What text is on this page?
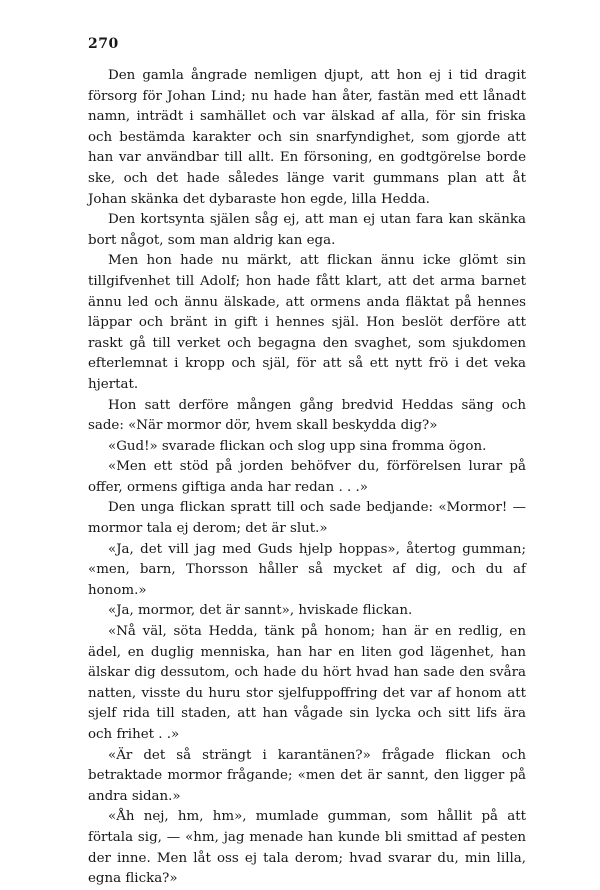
270

Den gamla ångrade nemligen djupt, att hon ej i tid dragit försorg för Johan Lind; nu hade han åter, fastän med ett lånadt namn, inträdt i samhället och var älskad af alla, för sin friska och bestämda karakter och sin snarfyndighet, som gjorde att han var användbar till allt. En försoning, en godtgörelse borde ske, och det hade således länge varit gummans plan att åt Johan skänka det dybaraste hon egde, lilla Hedda.

Den kortsynta själen såg ej, att man ej utan fara kan skänka bort något, som man aldrig kan ega.

Men hon hade nu märkt, att flickan ännu icke glömt sin tillgifvenhet till Adolf; hon hade fått klart, att det arma barnet ännu led och ännu älskade, att ormens anda fläktat på hennes läppar och bränt in gift i hennes själ. Hon beslöt derföre att raskt gå till verket och begagna den svaghet, som sjukdomen efterlemnat i kropp och själ, för att så ett nytt frö i det veka hjertat.

Hon satt derföre mången gång bredvid Heddas säng och sade: «När mormor dör, hvem skall beskydda dig?»

«Gud!» svarade flickan och slog upp sina fromma ögon.

«Men ett stöd på jorden behöfver du, förförelsen lurar på offer, ormens giftiga anda har redan . . .»

Den unga flickan spratt till och sade bedjande: «Mormor! — mormor tala ej derom; det är slut.»

«Ja, det vill jag med Guds hjelp hoppas», återtog gumman; «men, barn, Thorsson håller så mycket af dig, och du af honom.»

«Ja, mormor, det är sannt», hviskade flickan.

«Nå väl, söta Hedda, tänk på honom; han är en redlig, en ädel, en duglig menniska, han har en liten god lägenhet, han älskar dig dessutom, och hade du hört hvad han sade den svåra natten, visste du huru stor sjelfuppoffring det var af honom att sjelf rida till staden, att han vågade sin lycka och sitt lifs ära och frihet . .»

«Är det så strängt i karantänen?» frågade flickan och betraktade mormor frågande; «men det är sannt, den ligger på andra sidan.»

«Åh nej, hm, hm», mumlade gumman, som hållit på att förtala sig, — «hm, jag menade han kunde bli smittad af pesten der inne. Men låt oss ej tala derom; hvad svarar du, min lilla, egna flicka?»
